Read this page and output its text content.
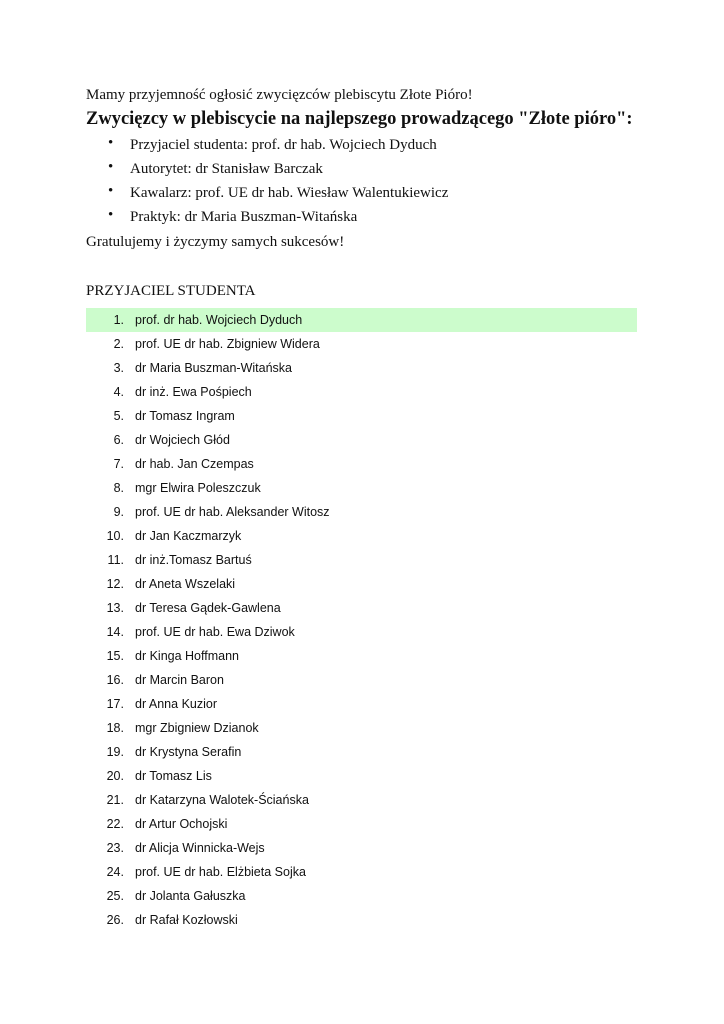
Mamy przyjemność ogłosić zwycięzców plebiscytu Złote Pióro!
Zwycięzcy w plebiscycie na najlepszego prowadzącego "Złote pióro":
• Przyjaciel studenta: prof. dr hab. Wojciech Dyduch
• Autorytet: dr Stanisław Barczak
• Kawalarz: prof. UE dr hab. Wiesław Walentukiewicz
• Praktyk: dr Maria Buszman-Witańska
Gratulujemy i życzymy samych sukcesów!
PRZYJACIEL STUDENTA
1. prof. dr hab. Wojciech Dyduch
2. prof. UE dr hab. Zbigniew Widera
3. dr Maria Buszman-Witańska
4. dr inż. Ewa Pośpiech
5. dr Tomasz Ingram
6. dr Wojciech Głód
7. dr hab. Jan Czempas
8. mgr Elwira Poleszczuk
9. prof. UE dr hab. Aleksander Witosz
10. dr Jan Kaczmarzyk
11. dr inż.Tomasz Bartuś
12. dr Aneta Wszelaki
13. dr Teresa Gądek-Gawlena
14. prof. UE dr hab. Ewa Dziwok
15. dr Kinga Hoffmann
16. dr Marcin Baron
17. dr Anna Kuzior
18. mgr Zbigniew Dzianok
19. dr Krystyna Serafin
20. dr Tomasz Lis
21. dr Katarzyna Walotek-Ściańska
22. dr Artur Ochojski
23. dr Alicja Winnicka-Wejs
24. prof. UE dr hab. Elżbieta Sojka
25. dr Jolanta Gałuszka
26. dr Rafał Kozłowski
